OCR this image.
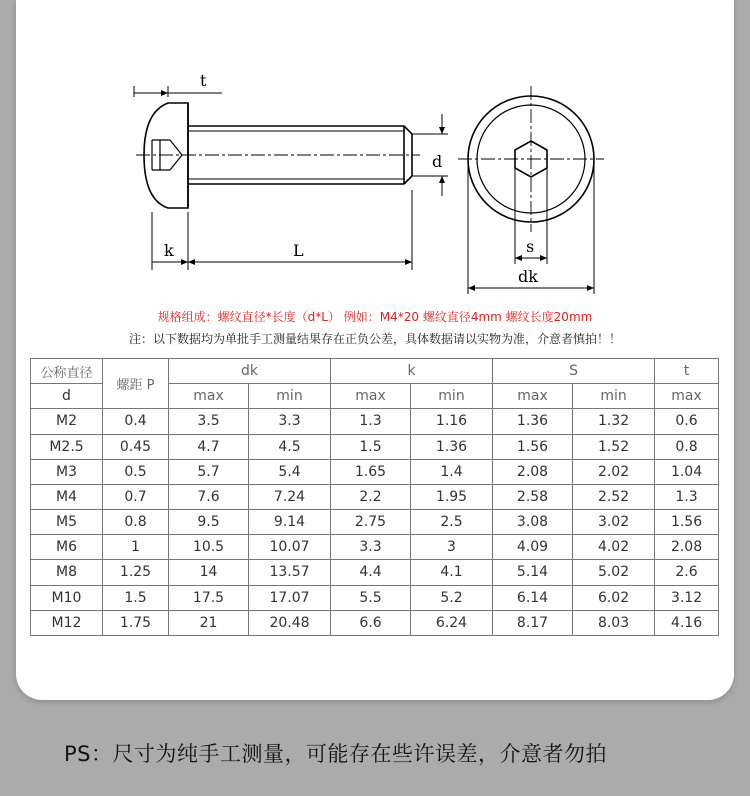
t
d
k	L	s
dk
规格组成：螺纹直径*长度（d*L） 例如：M4*20 螺纹直径4mm 螺纹长度20mm
注：以下数据均为单批手工测量结果存在正负公差，具体数据请以实物为准，介意者慎拍！！
公称直径	螺距 P	dk		k		S		t
d		max	min	max	min	max	min	max
M2	0.4	3.5	3.3	1.3	1.16	1.36	1.32	0.6
M2.5	0.45	4.7	4.5	1.5	1.36	1.56	1.52	0.8
M3	0.5	5.7	5.4	1.65	1.4	2.08	2.02	1.04
M4	0.7	7.6	7.24	2.2	1.95	2.58	2.52	1.3
M5	0.8	9.5	9.14	2.75	2.5	3.08	3.02	1.56
M6	1	10.5	10.07	3.3	3	4.09	4.02	2.08
M8	1.25	14	13.57	4.4	4.1	5.14	5.02	2.6
M10	1.5	17.5	17.07	5.5	5.2	6.14	6.02	3.12
M12	1.75	21	20.48	6.6	6.24	8.17	8.03	4.16
PS：尺寸为纯手工测量，可能存在些许误差，介意者勿拍
